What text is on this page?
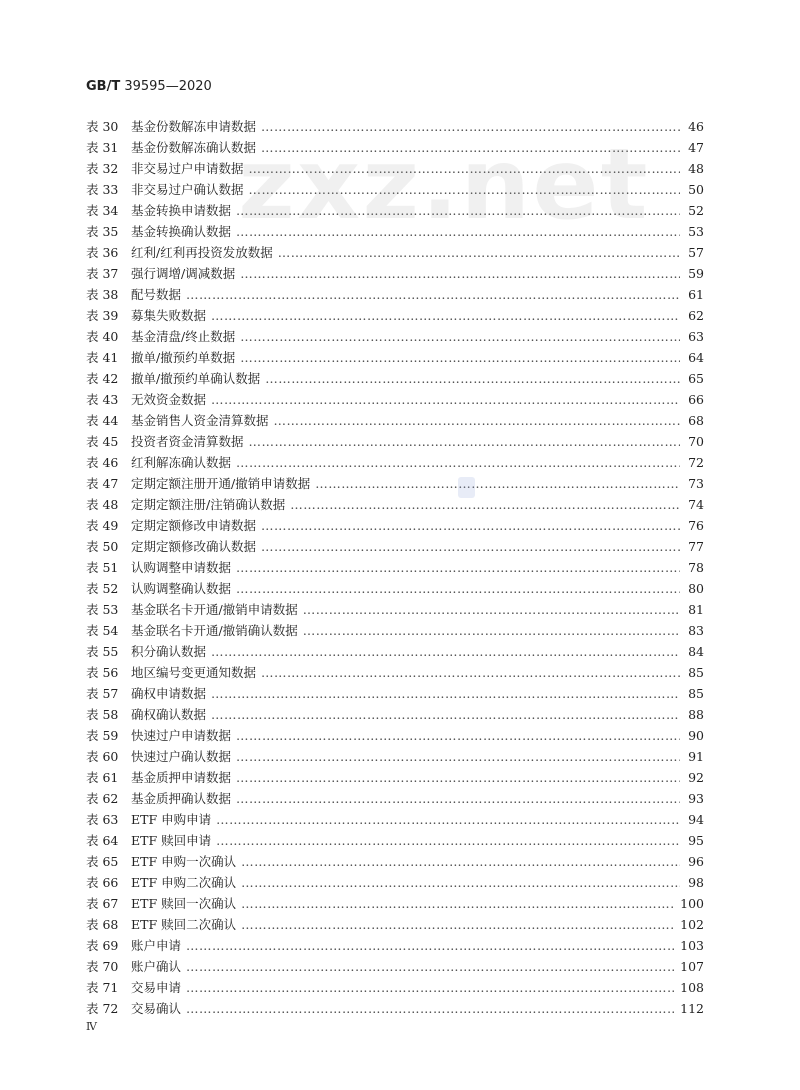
GB/T 39595—2020
表 30	基金份数解冻申请数据 …………………………………………………………………………………………………………………………………………………………………………………………	46
表 31	基金份数解冻确认数据 …………………………………………………………………………………………………………………………………………………………………………………………	47
表 32	非交易过户申请数据 …………………………………………………………………………………………………………………………………………………………………………………………	48
表 33	非交易过户确认数据 …………………………………………………………………………………………………………………………………………………………………………………………	50
表 34	基金转换申请数据 …………………………………………………………………………………………………………………………………………………………………………………………	52
表 35	基金转换确认数据 …………………………………………………………………………………………………………………………………………………………………………………………	53
表 36	红利/红利再投资发放数据 …………………………………………………………………………………………………………………………………………………………………………………………	57
表 37	强行调增/调减数据 …………………………………………………………………………………………………………………………………………………………………………………………	59
表 38	配号数据 …………………………………………………………………………………………………………………………………………………………………………………………	61
表 39	募集失败数据 …………………………………………………………………………………………………………………………………………………………………………………………	62
表 40	基金清盘/终止数据 …………………………………………………………………………………………………………………………………………………………………………………………	63
表 41	撤单/撤预约单数据 …………………………………………………………………………………………………………………………………………………………………………………………	64
表 42	撤单/撤预约单确认数据 …………………………………………………………………………………………………………………………………………………………………………………………	65
表 43	无效资金数据 …………………………………………………………………………………………………………………………………………………………………………………………	66
表 44	基金销售人资金清算数据 …………………………………………………………………………………………………………………………………………………………………………………………	68
表 45	投资者资金清算数据 …………………………………………………………………………………………………………………………………………………………………………………………	70
表 46	红利解冻确认数据 …………………………………………………………………………………………………………………………………………………………………………………………	72
表 47	定期定额注册开通/撤销申请数据 …………………………………………………………………………………………………………………………………………………………………………………………	73
表 48	定期定额注册/注销确认数据 …………………………………………………………………………………………………………………………………………………………………………………………	74
表 49	定期定额修改申请数据 …………………………………………………………………………………………………………………………………………………………………………………………	76
表 50	定期定额修改确认数据 …………………………………………………………………………………………………………………………………………………………………………………………	77
表 51	认购调整申请数据 …………………………………………………………………………………………………………………………………………………………………………………………	78
表 52	认购调整确认数据 …………………………………………………………………………………………………………………………………………………………………………………………	80
表 53	基金联名卡开通/撤销申请数据 …………………………………………………………………………………………………………………………………………………………………………………………	81
表 54	基金联名卡开通/撤销确认数据 …………………………………………………………………………………………………………………………………………………………………………………………	83
表 55	积分确认数据 …………………………………………………………………………………………………………………………………………………………………………………………	84
表 56	地区编号变更通知数据 …………………………………………………………………………………………………………………………………………………………………………………………	85
表 57	确权申请数据 …………………………………………………………………………………………………………………………………………………………………………………………	85
表 58	确权确认数据 …………………………………………………………………………………………………………………………………………………………………………………………	88
表 59	快速过户申请数据 …………………………………………………………………………………………………………………………………………………………………………………………	90
表 60	快速过户确认数据 …………………………………………………………………………………………………………………………………………………………………………………………	91
表 61	基金质押申请数据 …………………………………………………………………………………………………………………………………………………………………………………………	92
表 62	基金质押确认数据 …………………………………………………………………………………………………………………………………………………………………………………………	93
表 63	ETF 申购申请 …………………………………………………………………………………………………………………………………………………………………………………………	94
表 64	ETF 赎回申请 …………………………………………………………………………………………………………………………………………………………………………………………	95
表 65	ETF 申购一次确认 …………………………………………………………………………………………………………………………………………………………………………………………	96
表 66	ETF 申购二次确认 …………………………………………………………………………………………………………………………………………………………………………………………	98
表 67	ETF 赎回一次确认 …………………………………………………………………………………………………………………………………………………………………………………………	100
表 68	ETF 赎回二次确认 …………………………………………………………………………………………………………………………………………………………………………………………	102
表 69	账户申请 …………………………………………………………………………………………………………………………………………………………………………………………	103
表 70	账户确认 …………………………………………………………………………………………………………………………………………………………………………………………	107
表 71	交易申请 …………………………………………………………………………………………………………………………………………………………………………………………	108
表 72	交易确认 …………………………………………………………………………………………………………………………………………………………………………………………	112
zxz.net
Ⅳ
